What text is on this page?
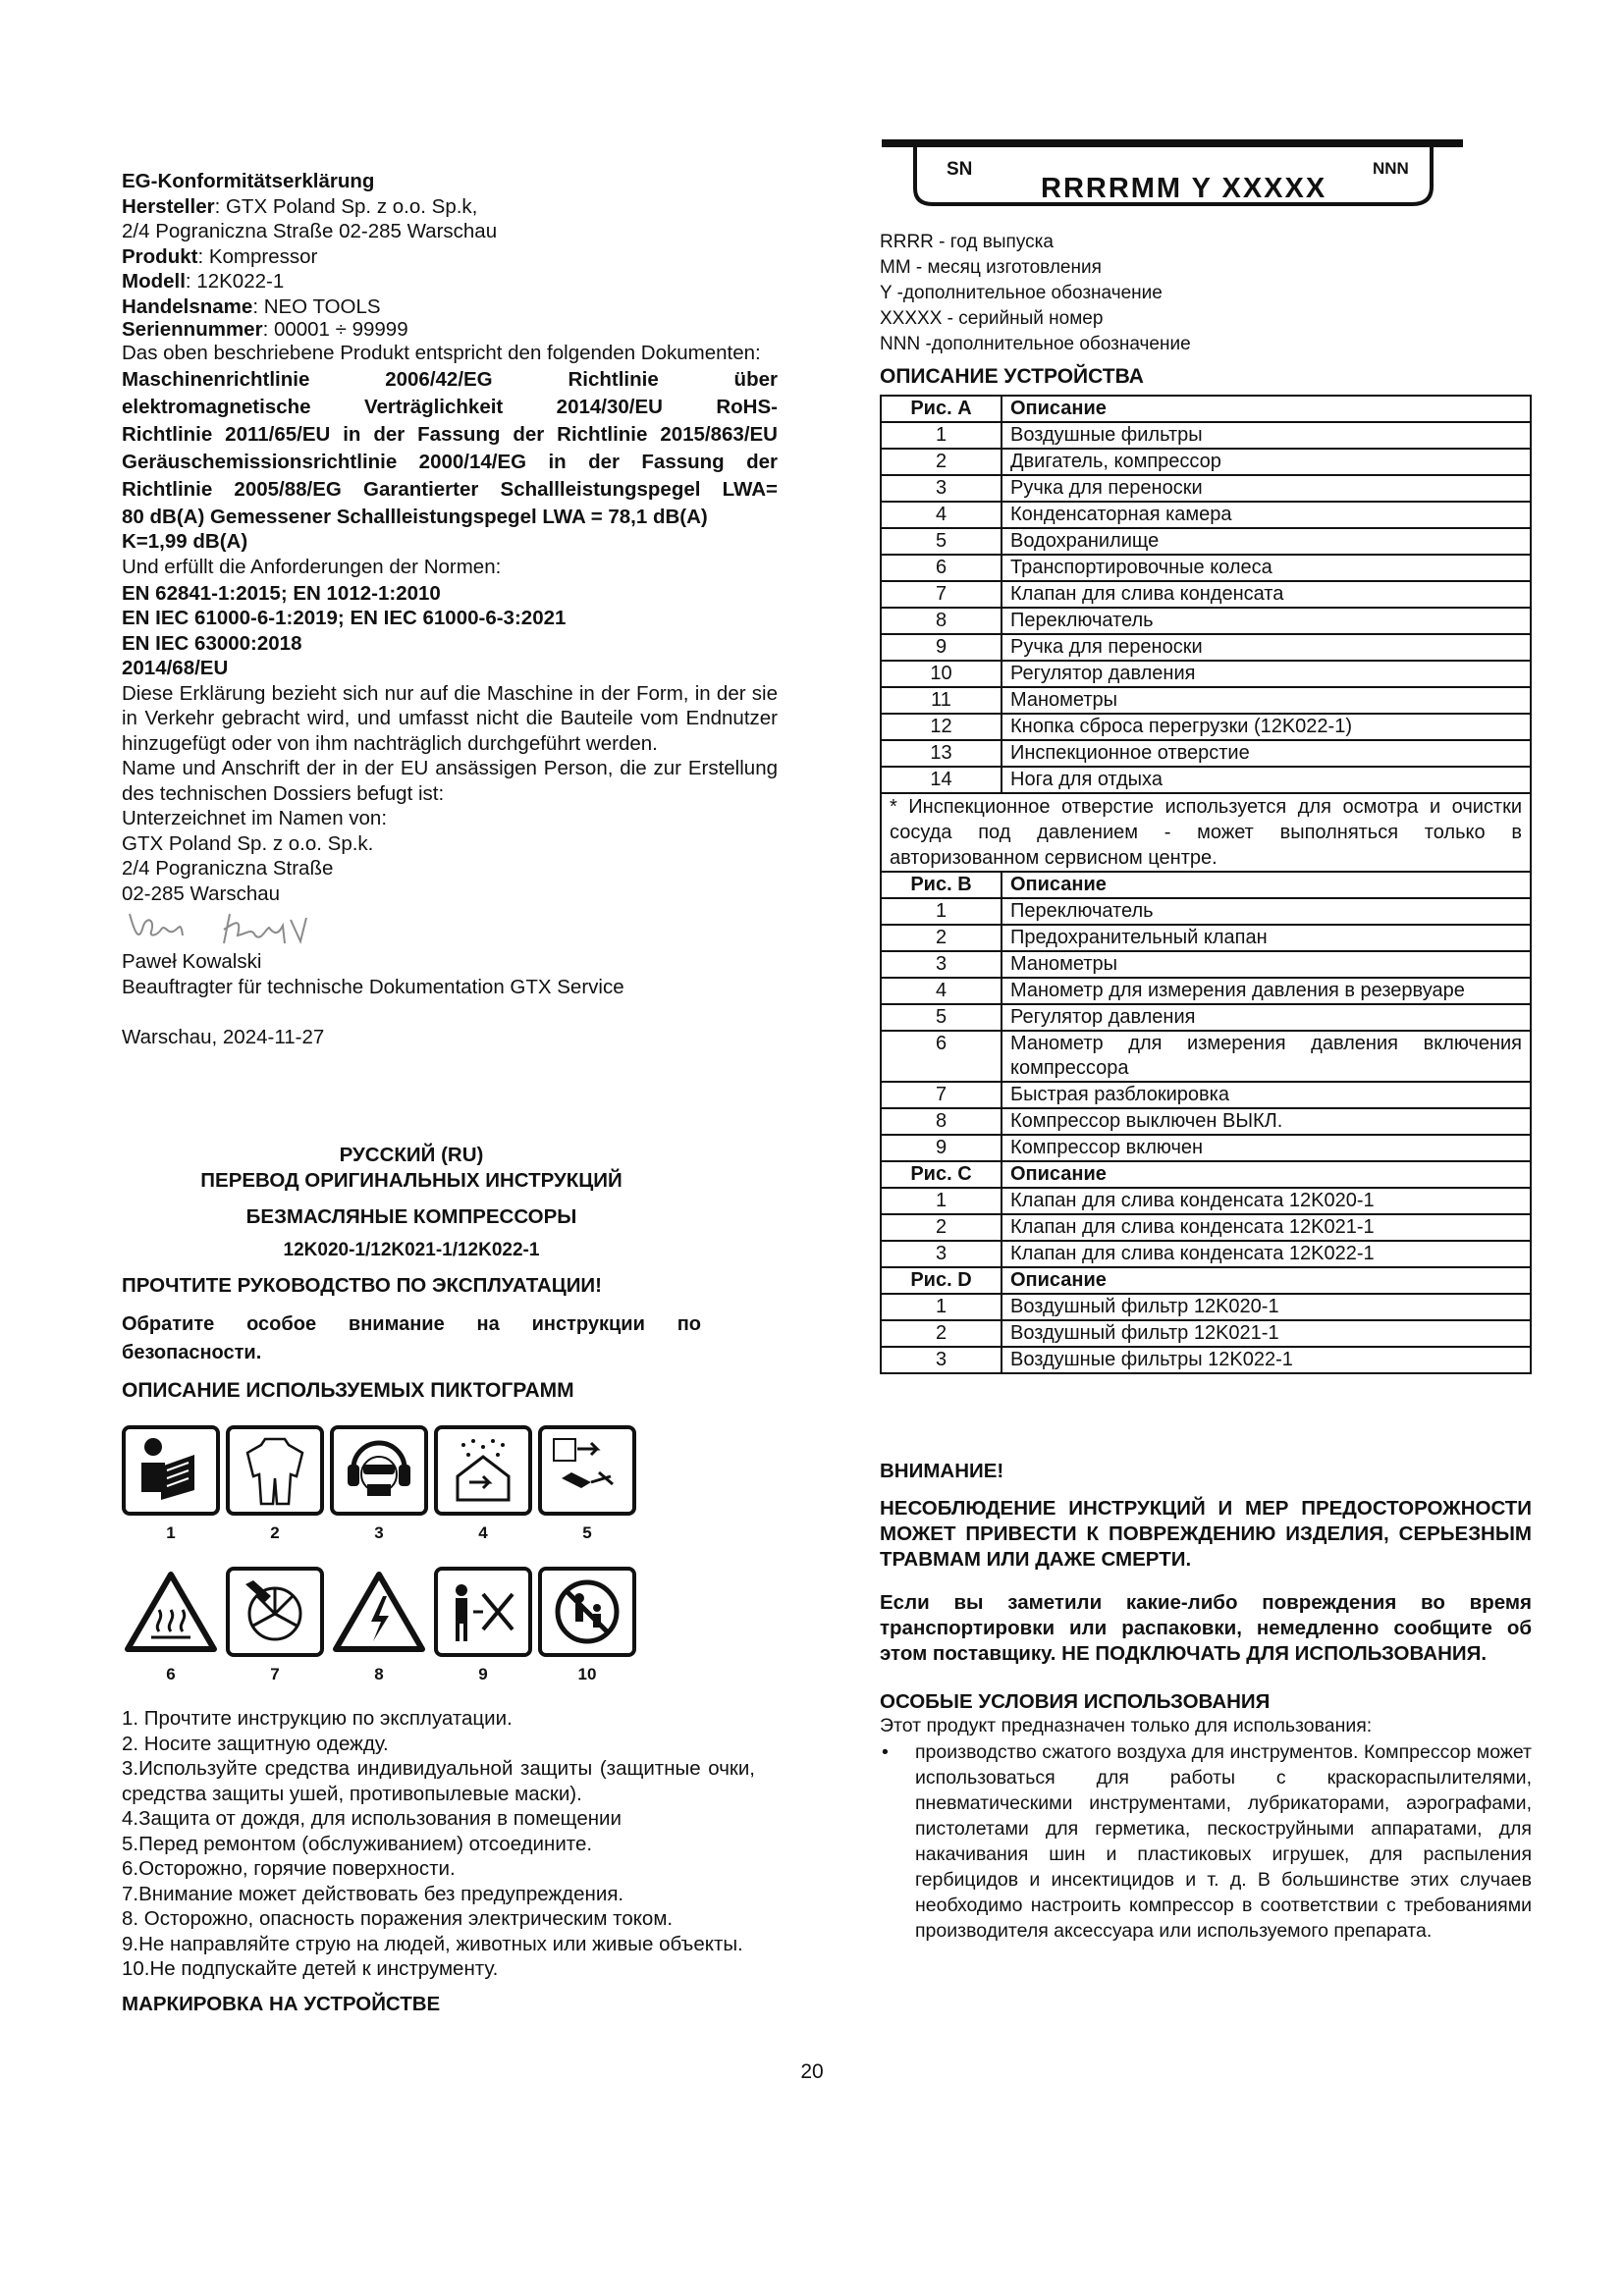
EG-Konformitätserklärung

Hersteller: GTX Poland Sp. z o.o. Sp.k,

2/4 Pograniczna Straße 02-285 Warschau

Produkt: Kompressor

Modell: 12K022-1

Handelsname: NEO TOOLS

Seriennummer: 00001 ÷ 99999

Das oben beschriebene Produkt entspricht den folgenden Dokumenten:

Maschinenrichtlinie 2006/42/EG Richtlinie über

elektromagnetische Verträglichkeit 2014/30/EU RoHS-

Richtlinie 2011/65/EU in der Fassung der Richtlinie 2015/863/EU

Geräuschemissionsrichtlinie 2000/14/EG in der Fassung der

Richtlinie 2005/88/EG Garantierter Schallleistungspegel LWA=

80 dB(A) Gemessener Schallleistungspegel LWA = 78,1 dB(A)

K=1,99 dB(A)

Und erfüllt die Anforderungen der Normen:

EN 62841-1:2015; EN 1012-1:2010

EN IEC 61000-6-1:2019; EN IEC 61000-6-3:2021

EN IEC 63000:2018

2014/68/EU

Diese Erklärung bezieht sich nur auf die Maschine in der Form, in der sie in Verkehr gebracht wird, und umfasst nicht die Bauteile vom Endnutzer hinzugefügt oder von ihm nachträglich durchgeführt werden.

Name und Anschrift der in der EU ansässigen Person, die zur Erstellung des technischen Dossiers befugt ist:

Unterzeichnet im Namen von:

GTX Poland Sp. z o.o. Sp.k.

2/4 Pograniczna Straße

02-285 Warschau

Paweł Kowalski

Beauftragter für technische Dokumentation GTX Service

Warschau, 2024-11-27

РУССКИЙ (RU)

ПЕРЕВОД ОРИГИНАЛЬНЫХ ИНСТРУКЦИЙ

БЕЗМАСЛЯНЫЕ КОМПРЕССОРЫ

12K020-1/12K021-1/12K022-1

ПРОЧТИТЕ РУКОВОДСТВО ПО ЭКСПЛУАТАЦИИ!

Обратите особое внимание на инструкции по безопасности.

ОПИСАНИЕ ИСПОЛЬЗУЕМЫХ ПИКТОГРАММ

1	2	3	4	5
6	7	8	9	10

1. Прочтите инструкцию по эксплуатации.

2. Носите защитную одежду.

3.Используйте средства индивидуальной защиты (защитные очки, средства защиты ушей, противопылевые маски).

4.Защита от дождя, для использования в помещении

5.Перед ремонтом (обслуживанием) отсоедините.

6.Осторожно, горячие поверхности.

7.Внимание может действовать без предупреждения.

8. Осторожно, опасность поражения электрическим током.

9.Не направляйте струю на людей, животных или живые объекты.

10.Не подпускайте детей к инструменту.

МАРКИРОВКА НА УСТРОЙСТВЕ

SN
RRRRMM Y XXXXX
NNN

RRRR - год выпуска

MM - месяц изготовления

Y -дополнительное обозначение

XXXXX - серийный номер

NNN -дополнительное обозначение

ОПИСАНИЕ УСТРОЙСТВА

Рис. A	Описание
1	Воздушные фильтры
2	Двигатель, компрессор
3	Ручка для переноски
4	Конденсаторная камера
5	Водохранилище
6	Транспортировочные колеса
7	Клапан для слива конденсата
8	Переключатель
9	Ручка для переноски
10	Регулятор давления
11	Манометры
12	Кнопка сброса перегрузки (12K022-1)
13	Инспекционное отверстие
14	Нога для отдыха
* Инспекционное отверстие используется для осмотра и очистки сосуда под давлением - может выполняться только в авторизованном сервисном центре.	
Рис. B	Описание
1	Переключатель
2	Предохранительный клапан
3	Манометры
4	Манометр для измерения давления в резервуаре
5	Регулятор давления
6	Манометр для измерения давления включения компрессора
7	Быстрая разблокировка
8	Компрессор выключен ВЫКЛ.
9	Компрессор включен
Рис. C	Описание
1	Клапан для слива конденсата 12K020-1
2	Клапан для слива конденсата 12K021-1
3	Клапан для слива конденсата 12K022-1
Рис. D	Описание
1	Воздушный фильтр 12K020-1
2	Воздушный фильтр 12K021-1
3	Воздушные фильтры 12K022-1

ВНИМАНИЕ!

НЕСОБЛЮДЕНИЕ ИНСТРУКЦИЙ И МЕР ПРЕДОСТОРОЖНОСТИ МОЖЕТ ПРИВЕСТИ К ПОВРЕЖДЕНИЮ ИЗДЕЛИЯ, СЕРЬЕЗНЫМ ТРАВМАМ ИЛИ ДАЖЕ СМЕРТИ.

Если вы заметили какие-либо повреждения во время транспортировки или распаковки, немедленно сообщите об этом поставщику. НЕ ПОДКЛЮЧАТЬ ДЛЯ ИСПОЛЬЗОВАНИЯ.

ОСОБЫЕ УСЛОВИЯ ИСПОЛЬЗОВАНИЯ

Этот продукт предназначен только для использования:

• производство сжатого воздуха для инструментов. Компрессор может использоваться для работы с краскораспылителями, пневматическими инструментами, лубрикаторами, аэрографами, пистолетами для герметика, пескоструйными аппаратами, для накачивания шин и пластиковых игрушек, для распыления гербицидов и инсектицидов и т. д. В большинстве этих случаев необходимо настроить компрессор в соответствии с требованиями производителя аксессуара или используемого препарата.
20
